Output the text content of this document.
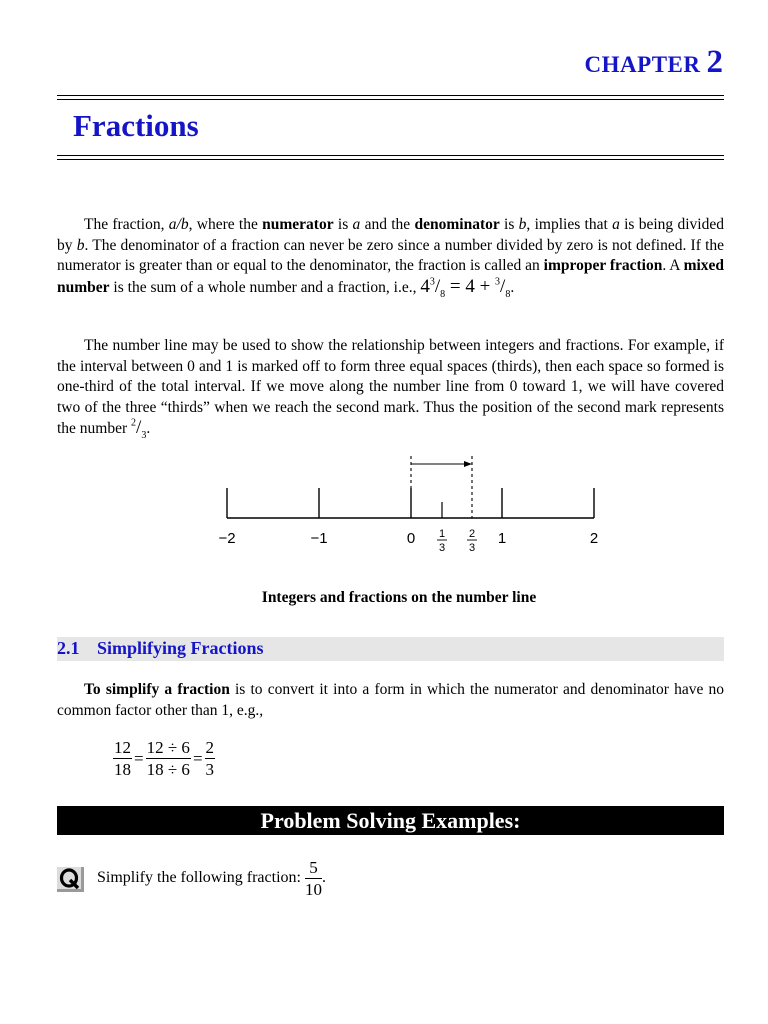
CHAPTER 2
Fractions

The fraction, a/b, where the numerator is a and the denominator is b, implies that a is being divided by b. The denominator of a fraction can never be zero since a number divided by zero is not defined. If the numerator is greater than or equal to the denominator, the fraction is called an improper fraction. A mixed number is the sum of a whole number and a fraction, i.e., $4^3/_8 = 4 + ^3/_8$.

The number line may be used to show the relationship between integers and fractions. For example, if the interval between 0 and 1 is marked off to form three equal spaces (thirds), then each space so formed is one-third of the total interval. If we move along the number line from 0 toward 1, we will have covered two of the three “thirds” when we reach the second mark. Thus the position of the second mark represents the number $^2/_3$.

−2	−1	0	1	2
1
3
2
3
Integers and fractions on the number line
2.1 Simplifying Fractions

To simplify a fraction is to convert it into a form in which the numerator and denominator have no common factor other than 1, e.g.,

$\frac{12}{18} = \frac{12 \div 6}{18 \div 6} = \frac{2}{3}$
Problem Solving Examples:
Simplify the following fraction: $\frac{5}{10}$ .
